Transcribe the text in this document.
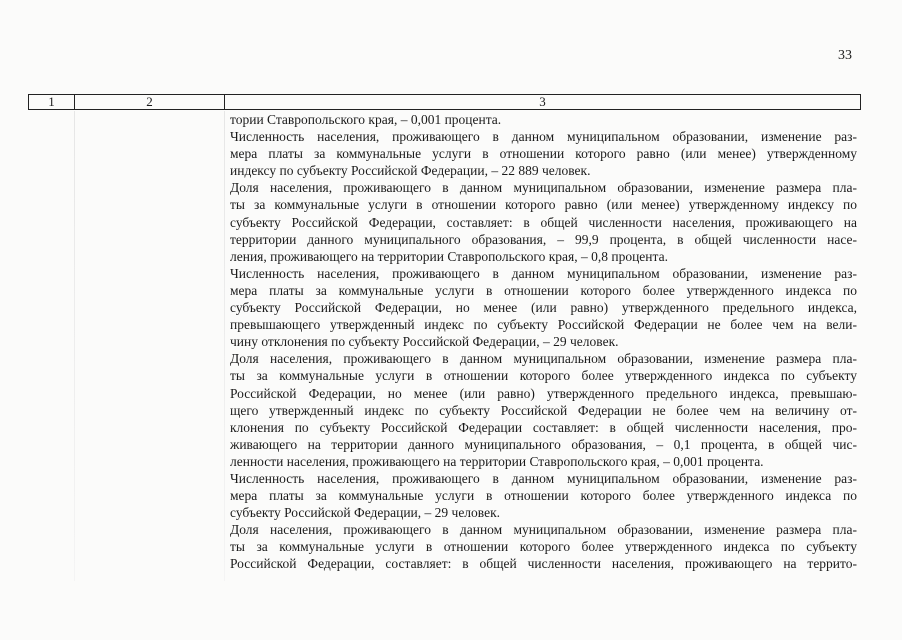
33
1	2	3

тории Ставропольского края, – 0,001 процента.

Численность населения, проживающего в данном муниципальном образовании, изменение раз-
мера платы за коммунальные услуги в отношении которого равно (или менее) утвержденному
индексу по субъекту Российской Федерации, – 22 889 человек.

Доля населения, проживающего в данном муниципальном образовании, изменение размера пла-
ты за коммунальные услуги в отношении которого равно (или менее) утвержденному индексу по
субъекту Российской Федерации, составляет: в общей численности населения, проживающего на
территории данного муниципального образования, – 99,9 процента, в общей численности насе-
ления, проживающего на территории Ставропольского края, – 0,8 процента.

Численность населения, проживающего в данном муниципальном образовании, изменение раз-
мера платы за коммунальные услуги в отношении которого более утвержденного индекса по
субъекту Российской Федерации, но менее (или равно) утвержденного предельного индекса,
превышающего утвержденный индекс по субъекту Российской Федерации не более чем на вели-
чину отклонения по субъекту Российской Федерации, – 29 человек.

Доля населения, проживающего в данном муниципальном образовании, изменение размера пла-
ты за коммунальные услуги в отношении которого более утвержденного индекса по субъекту
Российской Федерации, но менее (или равно) утвержденного предельного индекса, превышаю-
щего утвержденный индекс по субъекту Российской Федерации не более чем на величину от-
клонения по субъекту Российской Федерации составляет: в общей численности населения, про-
живающего на территории данного муниципального образования, – 0,1 процента, в общей чис-
ленности населения, проживающего на территории Ставропольского края, – 0,001 процента.

Численность населения, проживающего в данном муниципальном образовании, изменение раз-
мера платы за коммунальные услуги в отношении которого более утвержденного индекса по
субъекту Российской Федерации, – 29 человек.

Доля населения, проживающего в данном муниципальном образовании, изменение размера пла-
ты за коммунальные услуги в отношении которого более утвержденного индекса по субъекту
Российской Федерации, составляет: в общей численности населения, проживающего на террито-
